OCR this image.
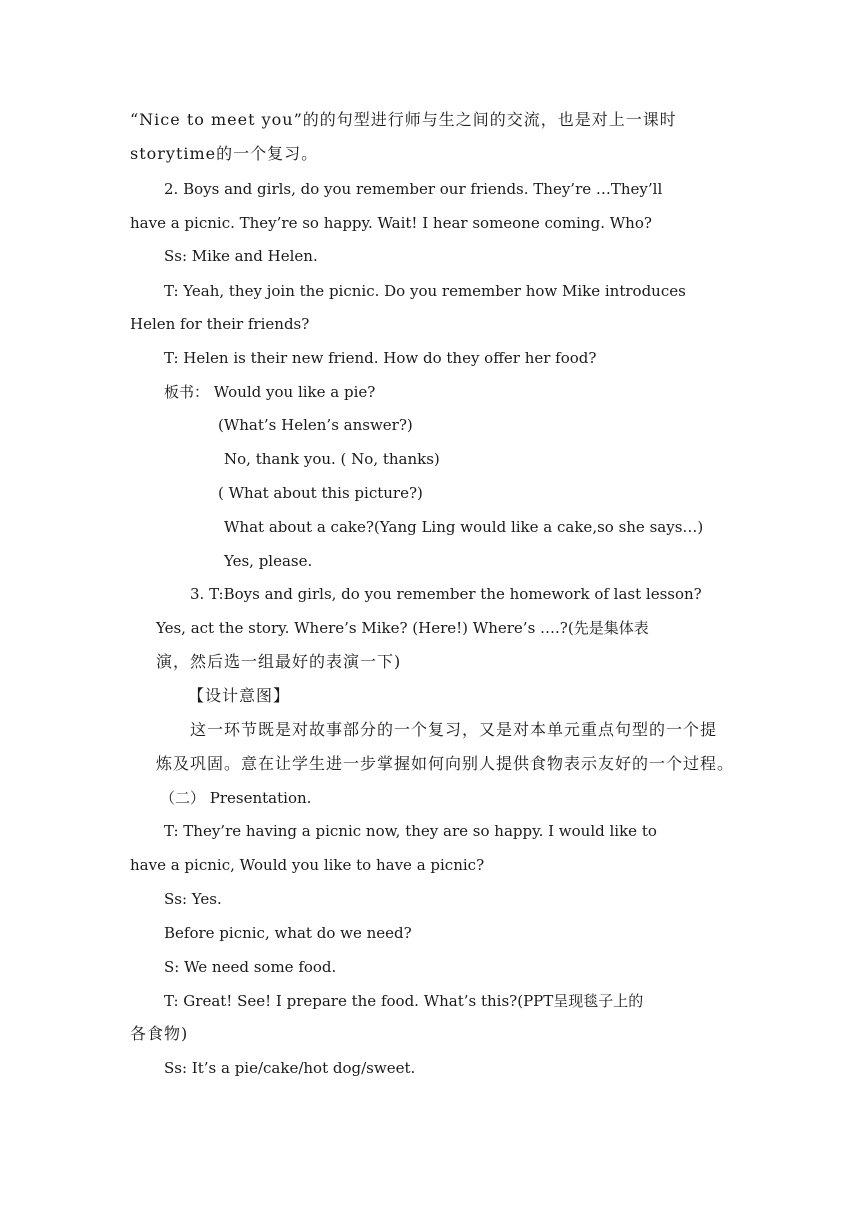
“Nice to meet you”的的句型进行师与生之间的交流，也是对上一课时
storytime的一个复习。
2. Boys and girls, do you remember our friends. They’re …They’ll
have a picnic. They’re so happy. Wait! I hear someone coming. Who?
Ss: Mike and Helen.
T: Yeah, they join the picnic. Do you remember how Mike introduces
Helen for their friends?
T: Helen is their new friend. How do they offer her food?
板书： Would you like a pie?
(What’s Helen’s answer?)
No, thank you. ( No, thanks)
( What about this picture?)
What about a cake?(Yang Ling would like a cake,so she says…)
Yes, please.
3. T:Boys and girls, do you remember the homework of last lesson?
Yes, act the story. Where’s Mike? (Here!) Where’s ….?(先是集体表
演，然后选一组最好的表演一下)
【设计意图】
这一环节既是对故事部分的一个复习，又是对本单元重点句型的一个提
炼及巩固。意在让学生进一步掌握如何向别人提供食物表示友好的一个过程。
（二） Presentation.
T: They’re having a picnic now, they are so happy. I would like to
have a picnic, Would you like to have a picnic?
Ss: Yes.
Before picnic, what do we need?
S: We need some food.
T: Great! See! I prepare the food. What’s this?(PPT呈现毯子上的
各食物)
Ss: It’s a pie/cake/hot dog/sweet.
